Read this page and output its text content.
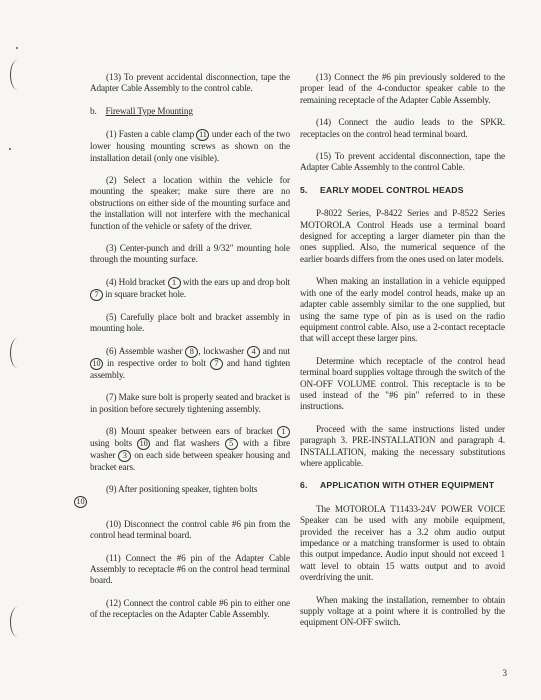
(13) To prevent accidental disconnection, tape the Adapter Cable Assembly to the control cable.

b. Firewall Type Mounting

(1) Fasten a cable clamp 11 under each of the two lower housing mounting screws as shown on the installation detail (only one visible).

(2) Select a location within the vehicle for mounting the speaker; make sure there are no obstructions on either side of the mounting surface and the installation will not interfere with the mechanical function of the vehicle or safety of the driver.

(3) Center-punch and drill a 9/32" mounting hole through the mounting surface.

(4) Hold bracket 1 with the ears up and drop bolt 7 in square bracket hole.

(5) Carefully place bolt and bracket assembly in mounting hole.

(6) Assemble washer 8 , lockwasher 4 and nut 10 in respective order to bolt 7 and hand tighten assembly.

(7) Make sure bolt is properly seated and bracket is in position before securely tightening assembly.

(8) Mount speaker between ears of bracket 1 using bolts 10 and flat washers 5 with a fibre washer 3 on each side between speaker housing and bracket ears.

(9) After positioning speaker, tighten bolts
10

(10) Disconnect the control cable #6 pin from the control head terminal board.

(11) Connect the #6 pin of the Adapter Cable Assembly to receptacle #6 on the control head terminal board.

(12) Connect the control cable #6 pin to either one of the receptacles on the Adapter Cable Assembly.

(13) Connect the #6 pin previously soldered to the proper lead of the 4-conductor speaker cable to the remaining receptacle of the Adapter Cable Assembly.

(14) Connect the audio leads to the SPKR. receptacles on the control head terminal board.

(15) To prevent accidental disconnection, tape the Adapter Cable Assembly to the control Cable.

5. EARLY MODEL CONTROL HEADS

P-8022 Series, P-8422 Series and P-8522 Series MOTOROLA Control Heads use a terminal board designed for accepting a larger diameter pin than the ones supplied. Also, the numerical sequence of the earlier boards differs from the ones used on later models.

When making an installation in a vehicle equipped with one of the early model control heads, make up an adapter cable assembly similar to the one supplied, but using the same type of pin as is used on the radio equipment control cable. Also, use a 2-contact receptacle that will accept these larger pins.

Determine which receptacle of the control head terminal board supplies voltage through the switch of the ON-OFF VOLUME control. This receptacle is to be used instead of the "#6 pin" referred to in these instructions.

Proceed with the same instructions listed under paragraph 3. PRE-INSTALLATION and paragraph 4. INSTALLATION, making the necessary substitutions where applicable.

6. APPLICATION WITH OTHER EQUIPMENT

The MOTOROLA T11433-24V POWER VOICE Speaker can be used with any mobile equipment, provided the receiver has a 3.2 ohm audio output impedance or a matching transformer is used to obtain this output impedance. Audio input should not exceed 1 watt level to obtain 15 watts output and to avoid overdriving the unit.

When making the installation, remember to obtain supply voltage at a point where it is controlled by the equipment ON-OFF switch.

3
